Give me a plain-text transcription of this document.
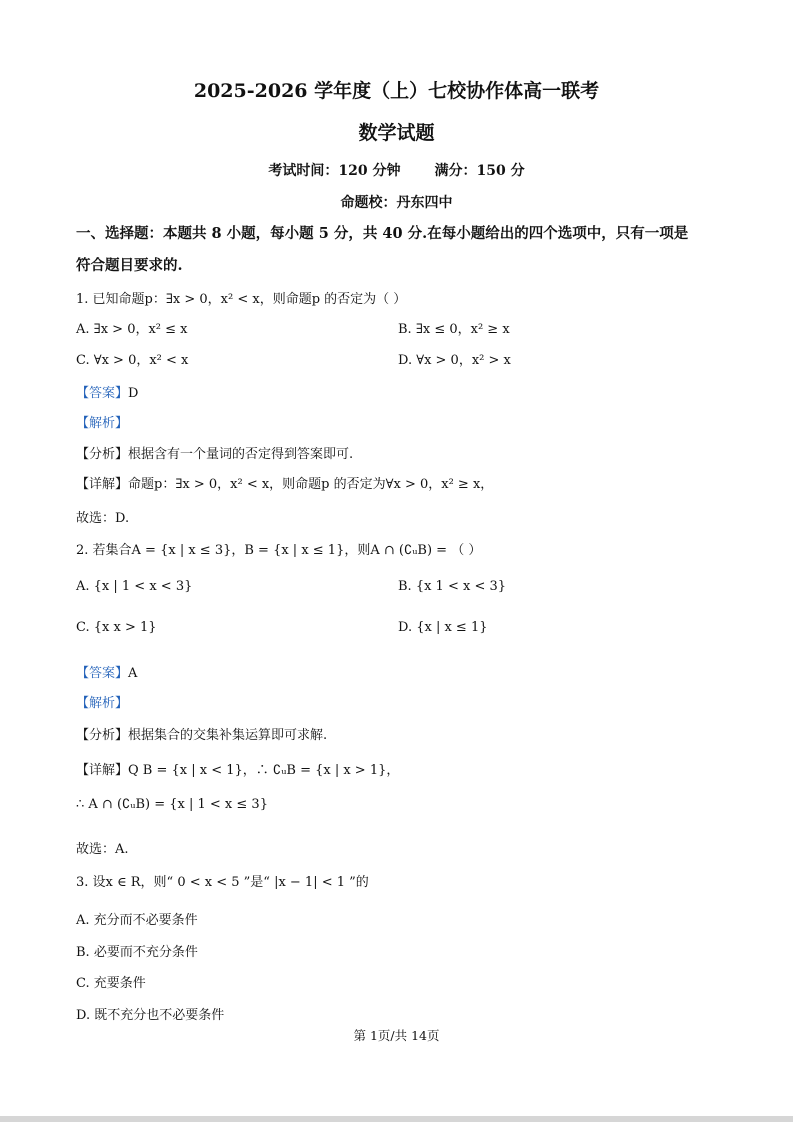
2025-2026 学年度（上）七校协作体高一联考
数学试题
考试时间：120 分钟 满分：150 分
命题校：丹东四中
一、选择题：本题共 8 小题，每小题 5 分，共 40 分.在每小题给出的四个选项中，只有一项是
符合题目要求的.
1. 已知命题p：∃x > 0，x² < x，则命题p 的否定为（ ）
A. ∃x > 0，x² ≤ x	B. ∃x ≤ 0，x² ≥ x
C. ∀x > 0，x² < x	D. ∀x > 0，x² > x
【答案】D
【解析】
【分析】根据含有一个量词的否定得到答案即可.
【详解】命题p：∃x > 0，x² < x，则命题p 的否定为∀x > 0，x² ≥ x，
故选：D.
2. 若集合A = {x | x ≤ 3}，B = {x | x ≤ 1}，则A ∩ (∁ᵤB) = （ ）
A. {x | 1 < x < 3}	B. {x 1 < x < 3}
C. {x x > 1}	D. {x | x ≤ 1}
【答案】A
【解析】
【分析】根据集合的交集补集运算即可求解.
【详解】Q B = {x | x < 1}，∴ ∁ᵤB = {x | x > 1}，
∴ A ∩ (∁ᵤB) = {x | 1 < x ≤ 3}
故选：A.
3. 设x ∈ R，则“ 0 < x < 5 ”是“ |x − 1| < 1 ”的
A. 充分而不必要条件
B. 必要而不充分条件
C. 充要条件
D. 既不充分也不必要条件
第 1页/共 14页
